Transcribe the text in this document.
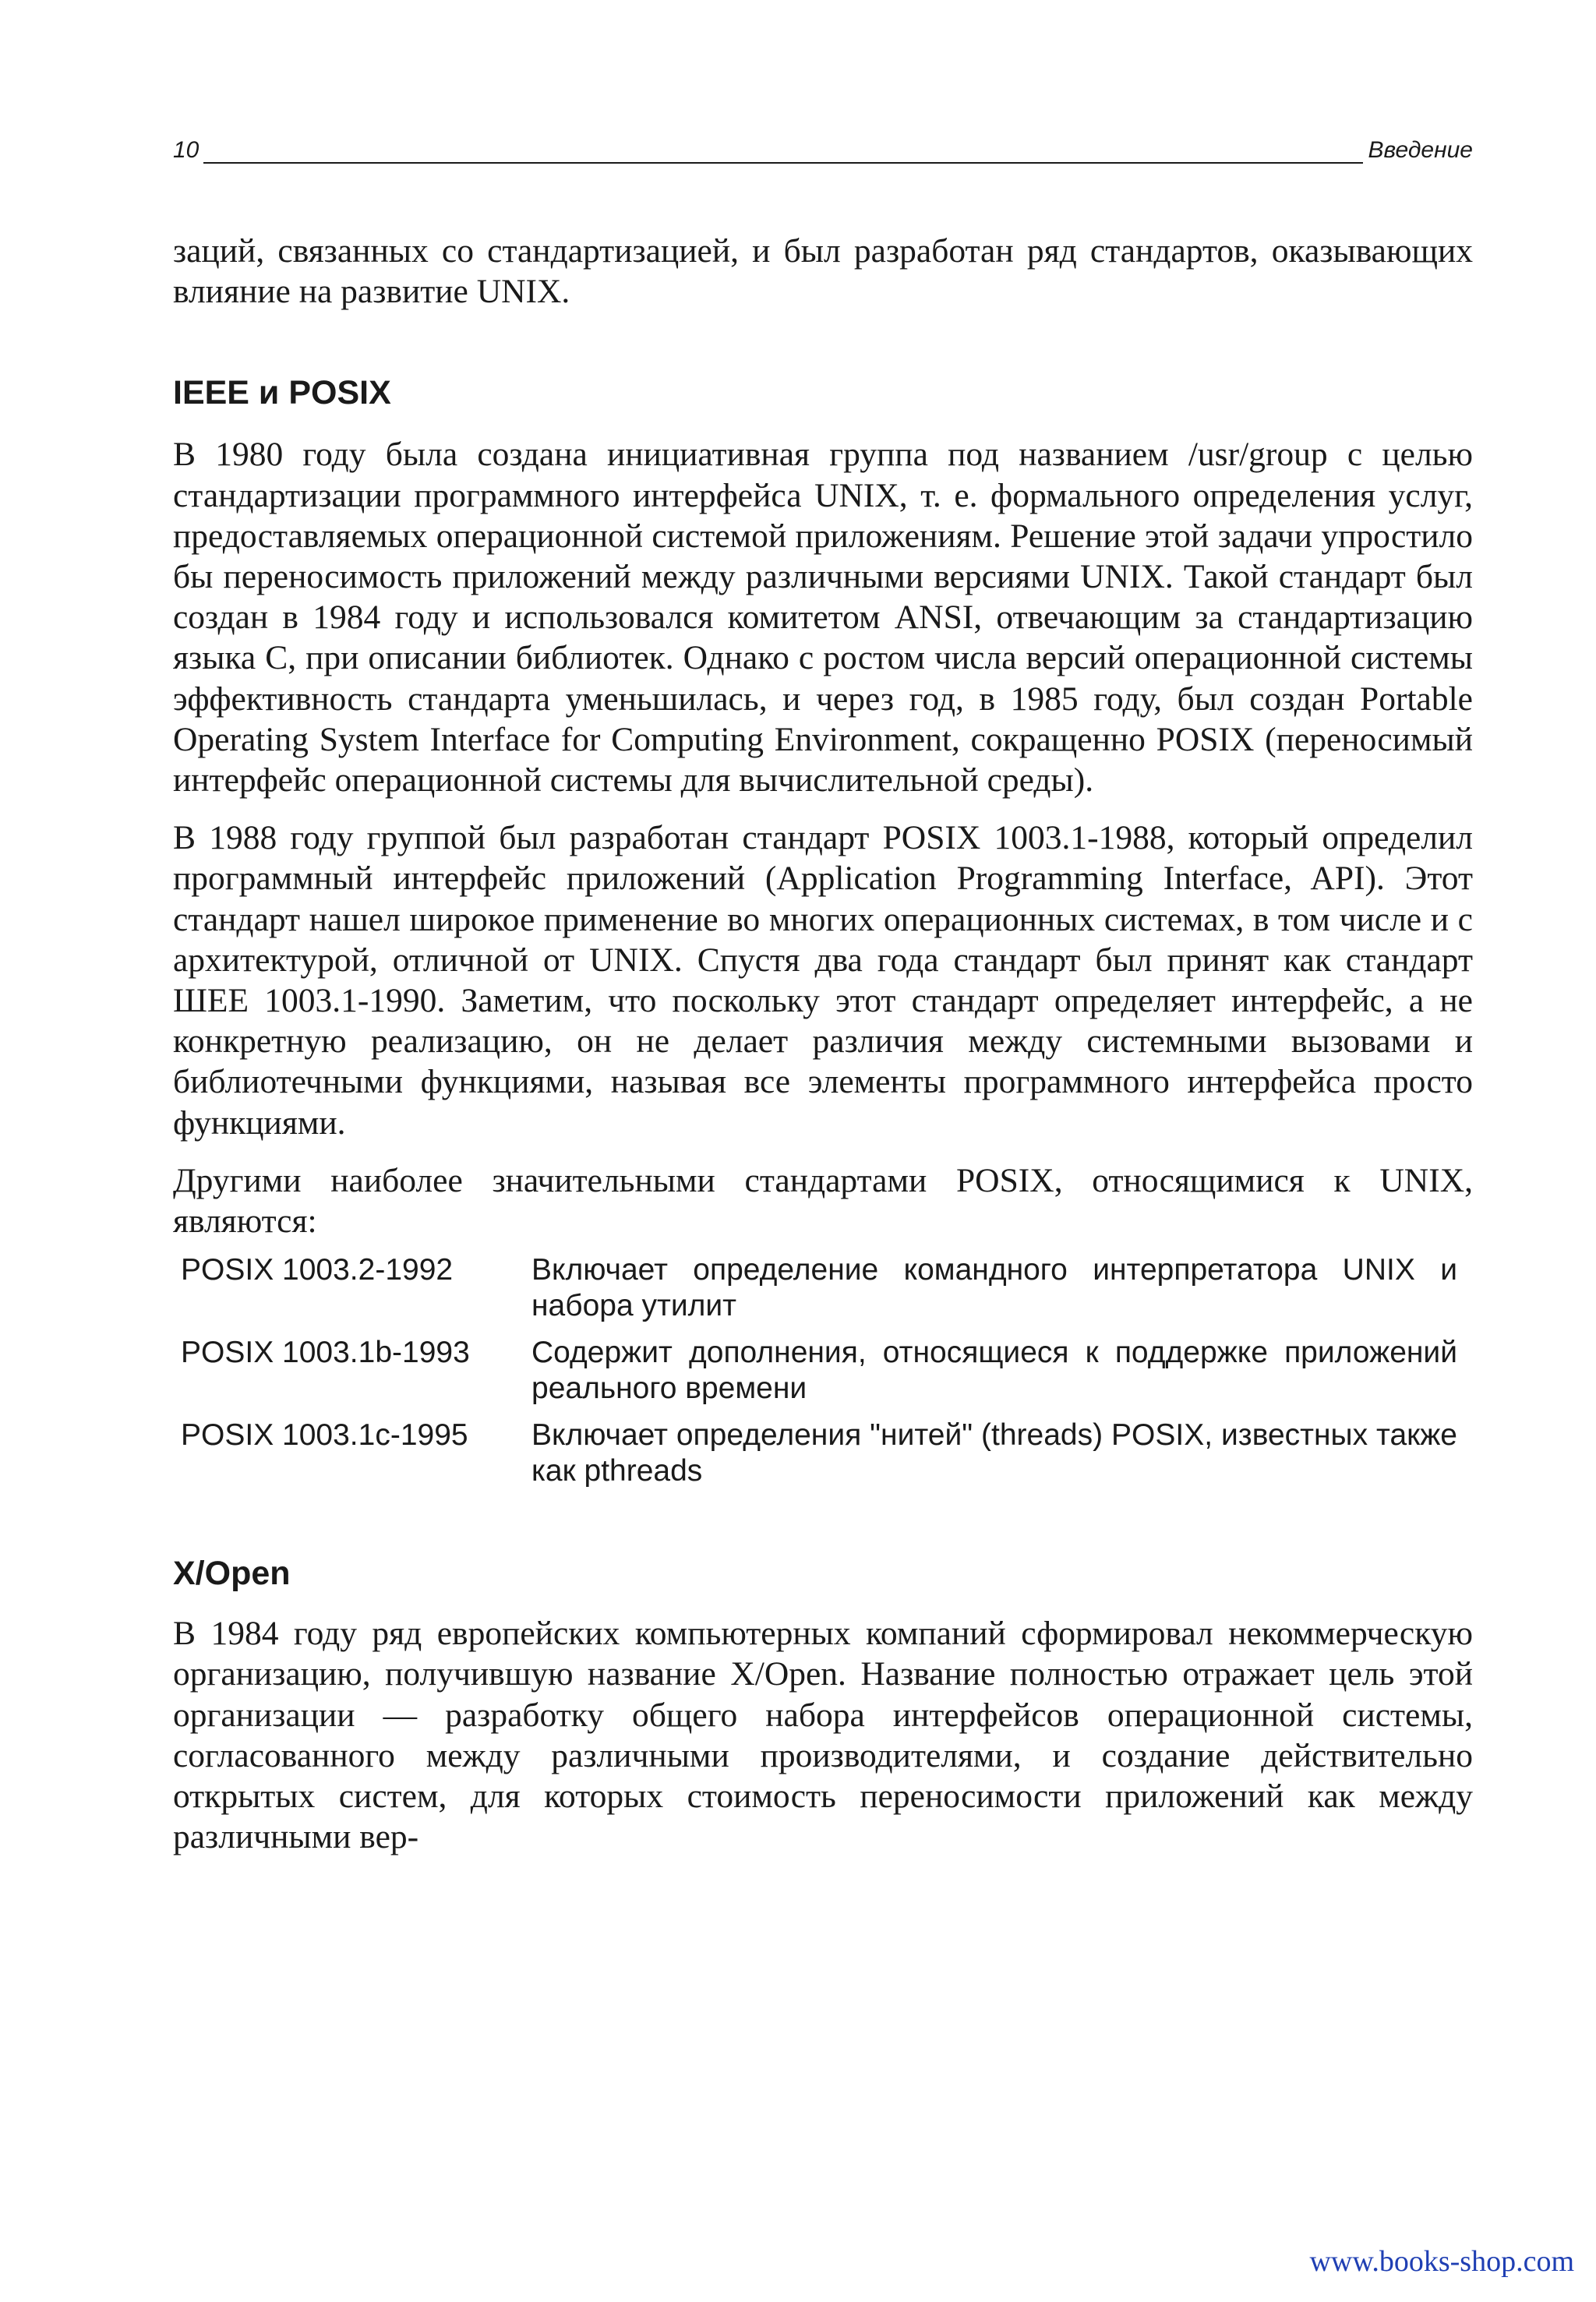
10	Введение

заций, связанных со стандартизацией, и был разработан ряд стандартов, оказывающих влияние на развитие UNIX.

IEEE и POSIX

В 1980 году была создана инициативная группа под названием /usr/group с целью стандартизации программного интерфейса UNIX, т. е. формального определения услуг, предоставляемых операционной системой приложениям. Решение этой задачи упростило бы переносимость приложений между различными версиями UNIX. Такой стандарт был создан в 1984 году и использовался комитетом ANSI, отвечающим за стандартизацию языка С, при описании библиотек. Однако с ростом числа версий операционной системы эффективность стандарта уменьшилась, и через год, в 1985 году, был создан Portable Operating System Interface for Computing Environment, сокращенно POSIX (переносимый интерфейс операционной системы для вычислительной среды).

В 1988 году группой был разработан стандарт POSIX 1003.1-1988, который определил программный интерфейс приложений (Application Programming Interface, API). Этот стандарт нашел широкое применение во многих операционных системах, в том числе и с архитектурой, отличной от UNIX. Спустя два года стандарт был принят как стандарт ШЕЕ 1003.1-1990. Заметим, что поскольку этот стандарт определяет интерфейс, а не конкретную реализацию, он не делает различия между системными вызовами и библиотечными функциями, называя все элементы программного интерфейса просто функциями.

Другими наиболее значительными стандартами POSIX, относящимися к UNIX, являются:

POSIX 1003.2-1992	Включает определение командного интерпретатора UNIX и набора утилит
POSIX 1003.1b-1993	Содержит дополнения, относящиеся к поддержке приложений реального времени
POSIX 1003.1c-1995	Включает определения "нитей" (threads) POSIX, известных также как pthreads
X/Open

В 1984 году ряд европейских компьютерных компаний сформировал некоммерческую организацию, получившую название X/Open. Название полностью отражает цель этой организации — разработку общего набора интерфейсов операционной системы, согласованного между различными производителями, и создание действительно открытых систем, для которых стоимость переносимости приложений как между различными вер-

www.books-shop.com
